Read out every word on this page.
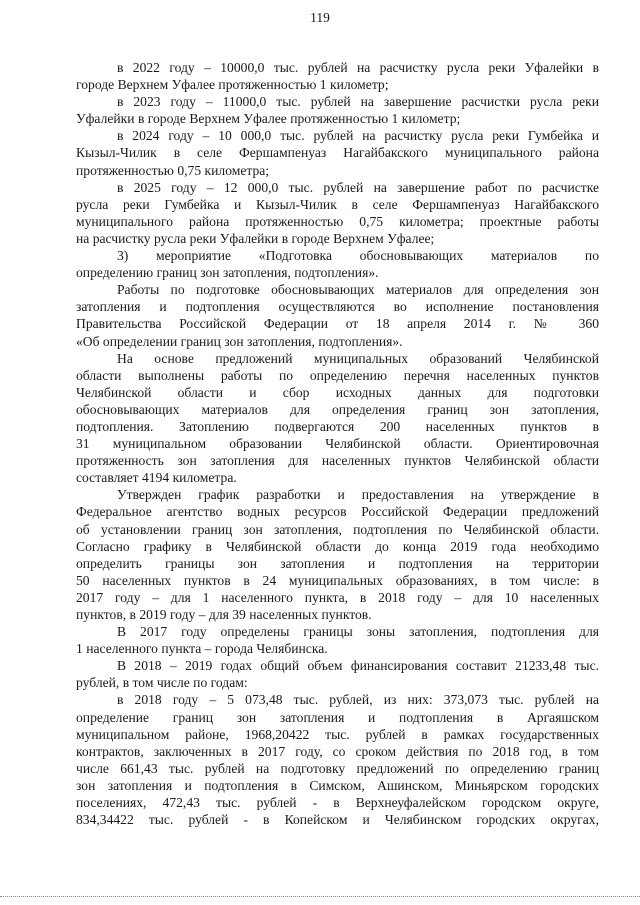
119
в 2022 году – 10000,0 тыс. рублей на расчистку русла реки Уфалейки в
городе Верхнем Уфалее протяженностью 1 километр;
в 2023 году – 11000,0 тыс. рублей на завершение расчистки русла реки
Уфалейки в городе Верхнем Уфалее протяженностью 1 километр;
в 2024 году – 10 000,0 тыс. рублей на расчистку русла реки Гумбейка и
Кызыл-Чилик в селе Фершампенуаз Нагайбакского муниципального района
протяженностью 0,75 километра;
в 2025 году – 12 000,0 тыс. рублей на завершение работ по расчистке
русла реки Гумбейка и Кызыл-Чилик в селе Фершампенуаз Нагайбакского
муниципального района протяженностью 0,75 километра; проектные работы
на расчистку русла реки Уфалейки в городе Верхнем Уфалее;
3) мероприятие «Подготовка обосновывающих материалов по
определению границ зон затопления, подтопления».
Работы по подготовке обосновывающих материалов для определения зон
затопления и подтопления осуществляются во исполнение постановления
Правительства Российской Федерации от 18 апреля 2014 г. № 360
«Об определении границ зон затопления, подтопления».
На основе предложений муниципальных образований Челябинской
области выполнены работы по определению перечня населенных пунктов
Челябинской области и сбор исходных данных для подготовки
обосновывающих материалов для определения границ зон затопления,
подтопления. Затоплению подвергаются 200 населенных пунктов в
31 муниципальном образовании Челябинской области. Ориентировочная
протяженность зон затопления для населенных пунктов Челябинской области
составляет 4194 километра.
Утвержден график разработки и предоставления на утверждение в
Федеральное агентство водных ресурсов Российской Федерации предложений
об установлении границ зон затопления, подтопления по Челябинской области.
Согласно графику в Челябинской области до конца 2019 года необходимо
определить границы зон затопления и подтопления на территории
50 населенных пунктов в 24 муниципальных образованиях, в том числе: в
2017 году – для 1 населенного пункта, в 2018 году – для 10 населенных
пунктов, в 2019 году – для 39 населенных пунктов.
В 2017 году определены границы зоны затопления, подтопления для
1 населенного пункта – города Челябинска.
В 2018 – 2019 годах общий объем финансирования составит 21233,48 тыс.
рублей, в том числе по годам:
в 2018 году – 5 073,48 тыс. рублей, из них: 373,073 тыс. рублей на
определение границ зон затопления и подтопления в Аргаяшском
муниципальном районе, 1968,20422 тыс. рублей в рамках государственных
контрактов, заключенных в 2017 году, со сроком действия по 2018 год, в том
числе 661,43 тыс. рублей на подготовку предложений по определению границ
зон затопления и подтопления в Симском, Ашинском, Миньярском городских
поселениях, 472,43 тыс. рублей - в Верхнеуфалейском городском округе,
834,34422 тыс. рублей - в Копейском и Челябинском городских округах,
